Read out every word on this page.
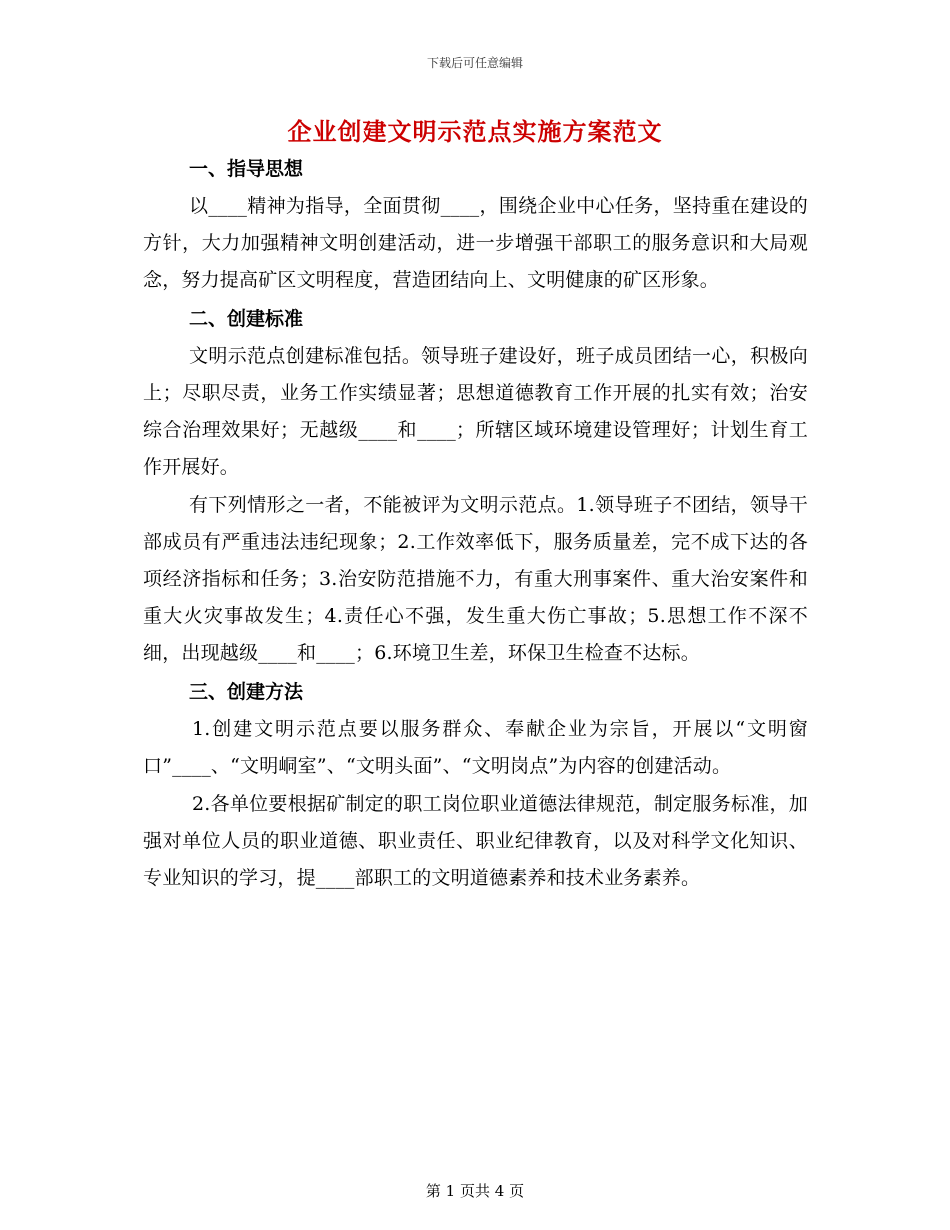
下载后可任意编辑
企业创建文明示范点实施方案范文
一、指导思想

以____精神为指导，全面贯彻____，围绕企业中心任务，坚持重在建设的方针，大力加强精神文明创建活动，进一步增强干部职工的服务意识和大局观念，努力提高矿区文明程度，营造团结向上、文明健康的矿区形象。

二、创建标准

文明示范点创建标准包括。领导班子建设好，班子成员团结一心，积极向上；尽职尽责，业务工作实绩显著；思想道德教育工作开展的扎实有效；治安综合治理效果好；无越级____和____；所辖区域环境建设管理好；计划生育工作开展好。

有下列情形之一者，不能被评为文明示范点。1.领导班子不团结，领导干部成员有严重违法违纪现象；2.工作效率低下，服务质量差，完不成下达的各项经济指标和任务；3.治安防范措施不力，有重大刑事案件、重大治安案件和重大火灾事故发生；4.责任心不强，发生重大伤亡事故；5.思想工作不深不细，出现越级____和____；6.环境卫生差，环保卫生检查不达标。

三、创建方法

1.创建文明示范点要以服务群众、奉献企业为宗旨，开展以“文明窗口”____、“文明峒室”、“文明头面”、“文明岗点”为内容的创建活动。

2.各单位要根据矿制定的职工岗位职业道德法律规范，制定服务标准，加强对单位人员的职业道德、职业责任、职业纪律教育，以及对科学文化知识、专业知识的学习，提____部职工的文明道德素养和技术业务素养。

第 1 页共 4 页
